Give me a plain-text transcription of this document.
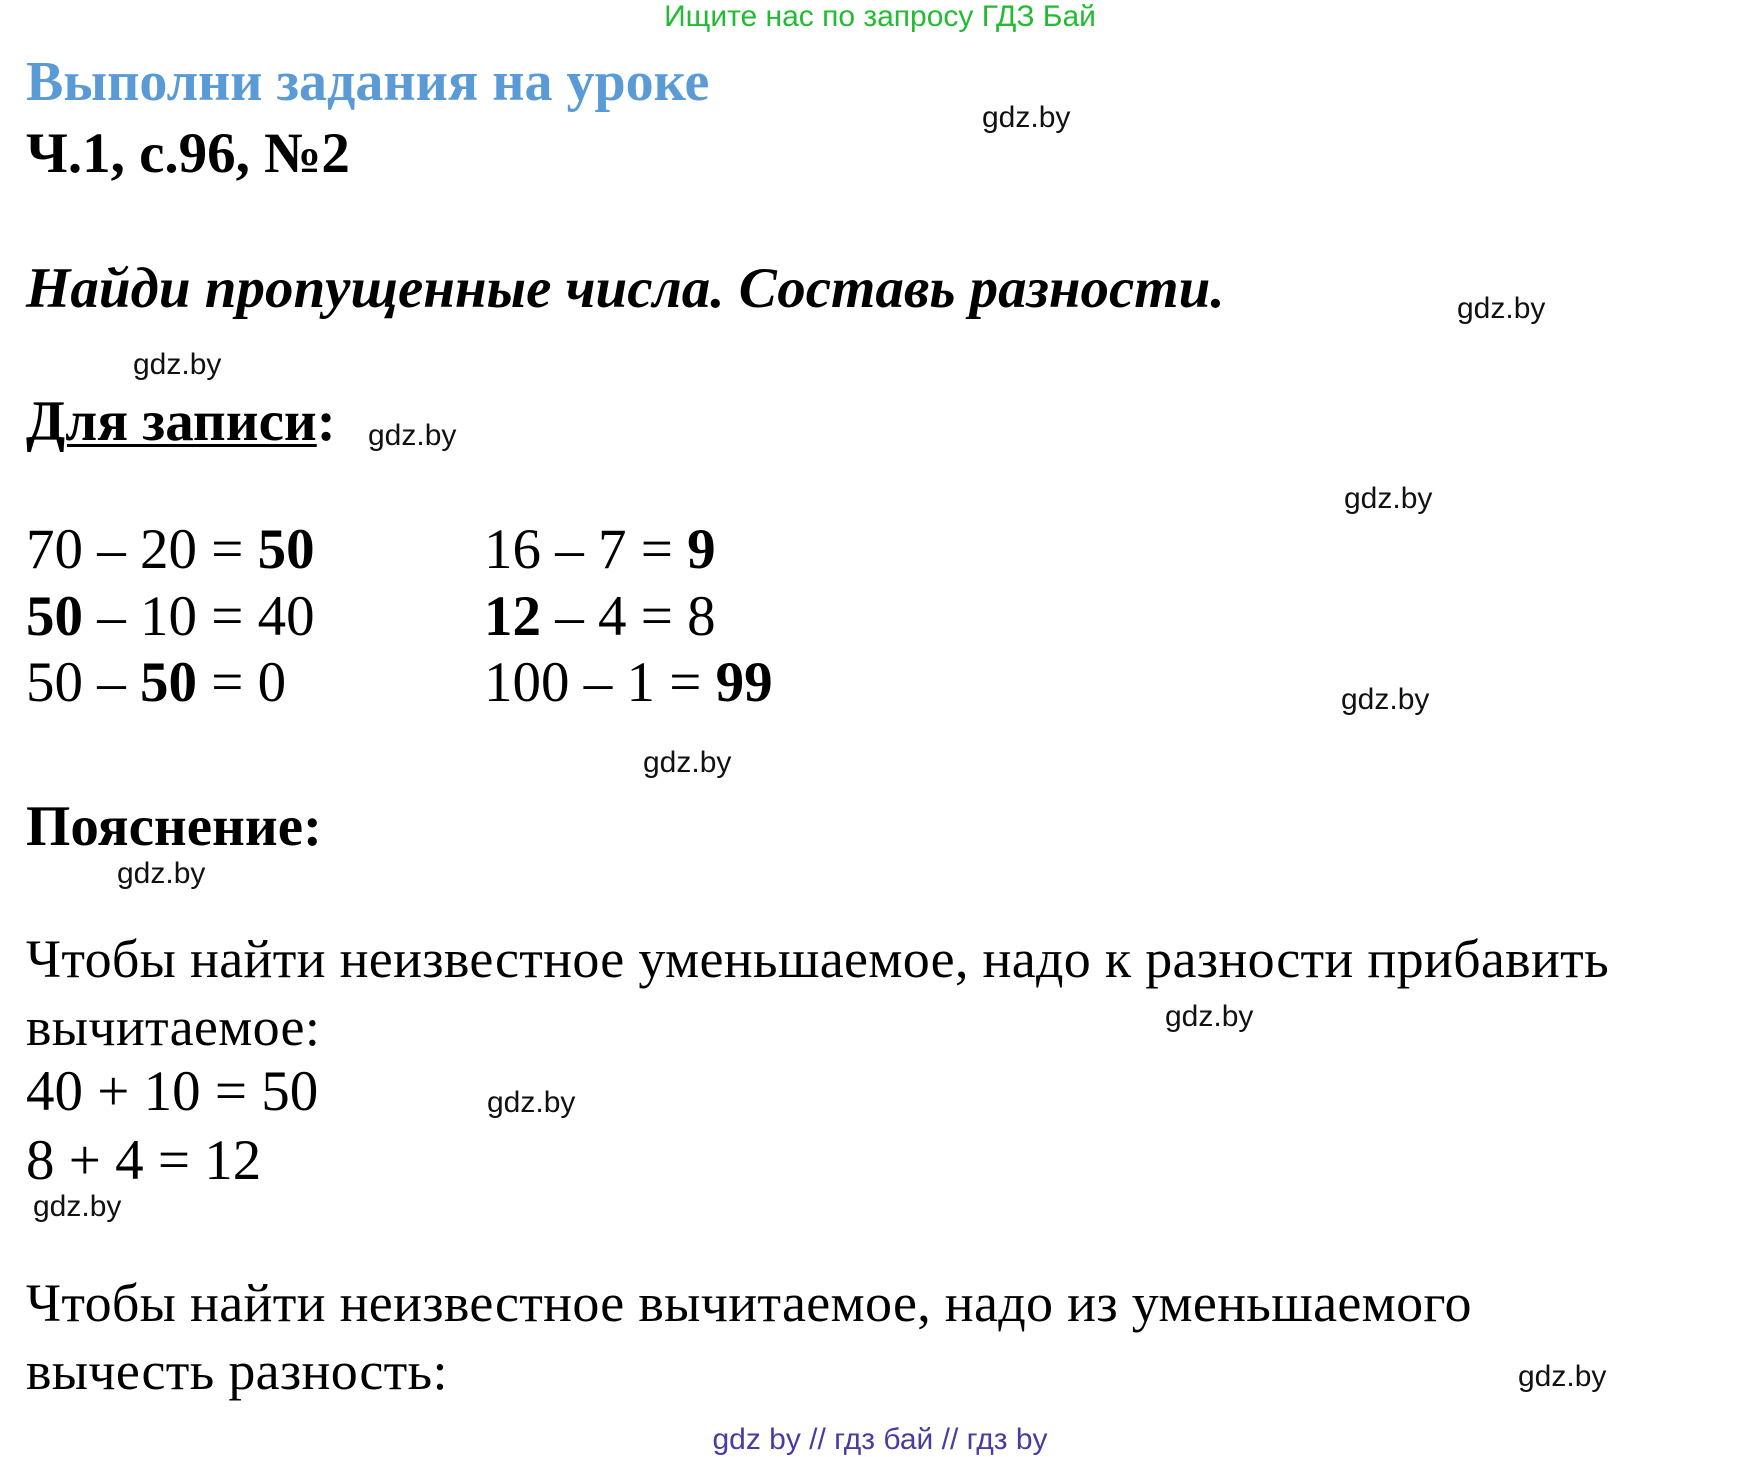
Ищите нас по запросу ГДЗ Бай
Выполни задания на уроке
Ч.1, с.96, №2
Найди пропущенные числа. Составь разности.
Для записи:
70 – 20 = 50
50 – 10 = 40
50 – 50 = 0
16 – 7 = 9
12 – 4 = 8
100 – 1 = 99
Пояснение:
Чтобы найти неизвестное уменьшаемое, надо к разности прибавить
вычитаемое:
40 + 10 = 50
8 + 4 = 12
Чтобы найти неизвестное вычитаемое, надо из уменьшаемого
вычесть разность:
gdz.by
gdz.by
gdz.by
gdz.by
gdz.by
gdz.by
gdz.by
gdz.by
gdz.by
gdz.by
gdz.by
gdz.by
gdz by // гдз бай // гдз by
